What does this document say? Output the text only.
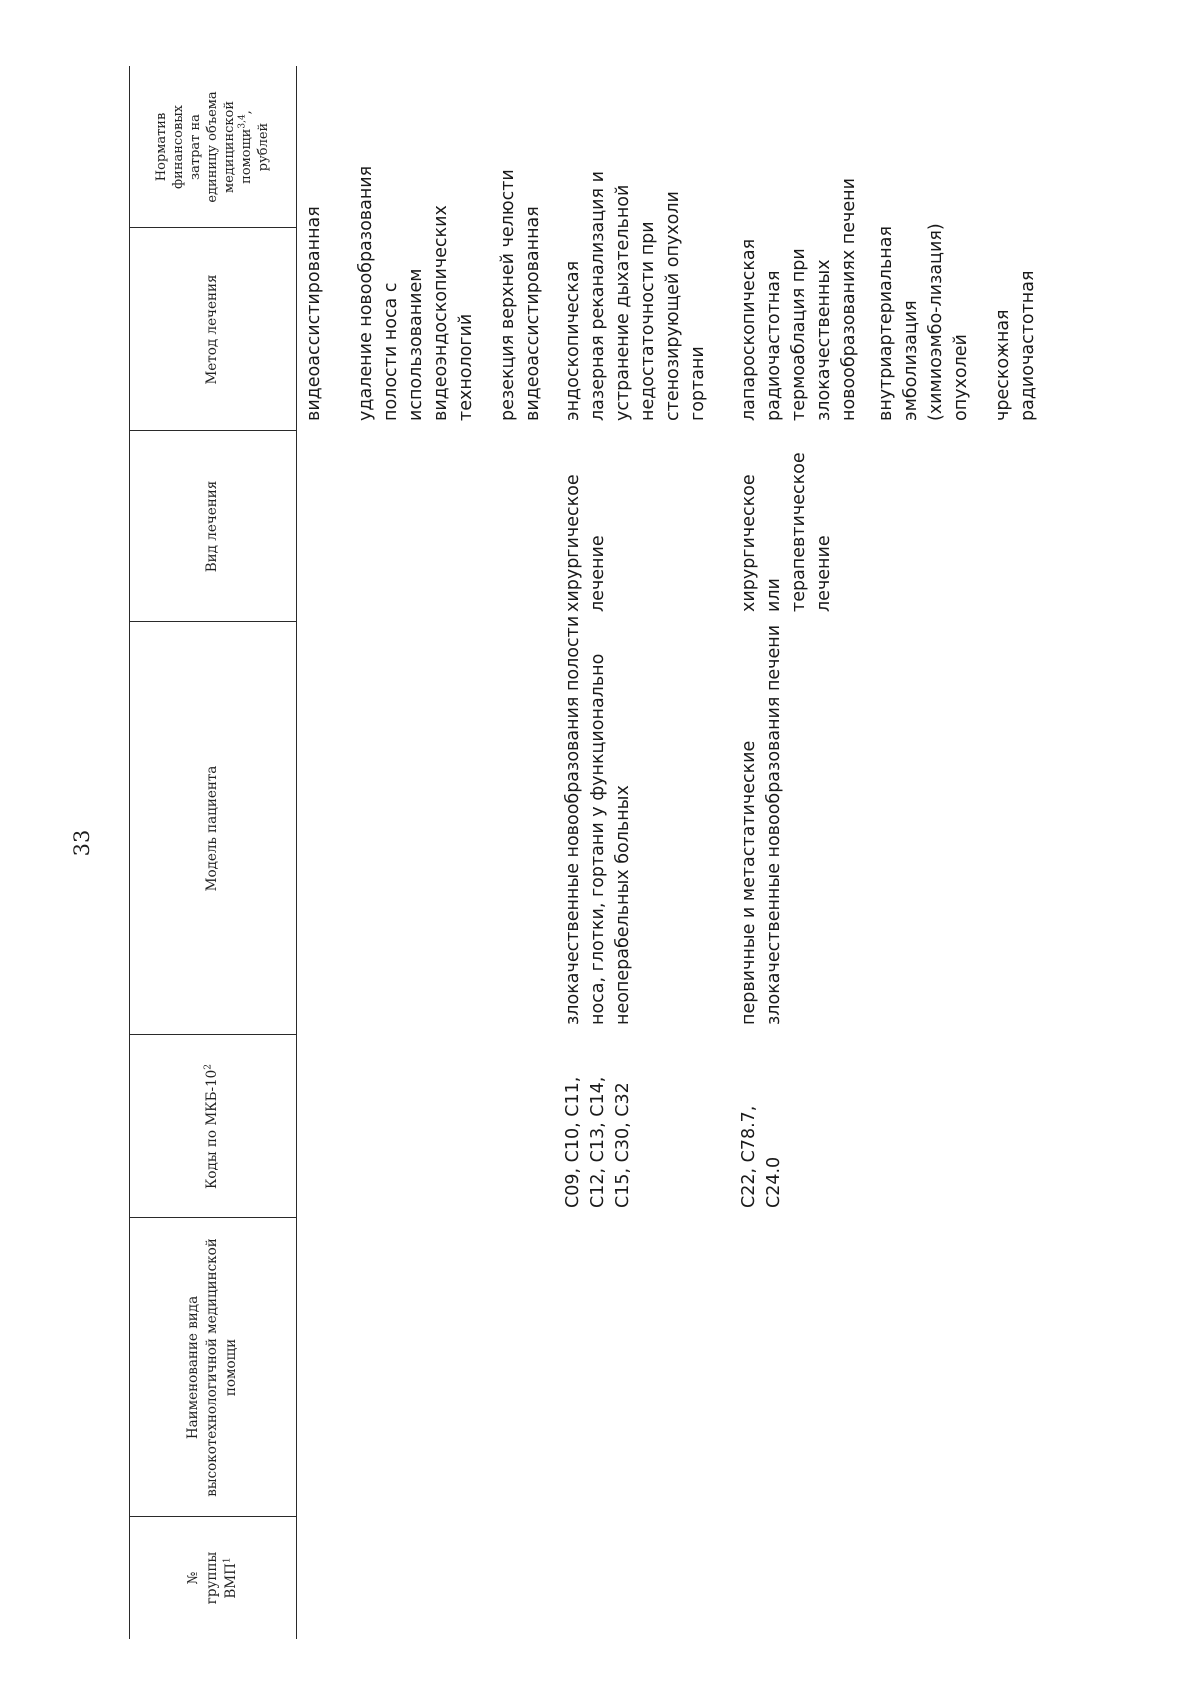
33
№ группы ВМП$^1$
Наименование вида высокотехнологичной медицинской помощи
Коды по МКБ-$10^2$
Модель пациента
Вид лечения
Метод лечения
Норматив финансовых затрат на единицу объема медицинской помощи$^{3,4}$,
рублей
видеоассистированная удаление новообразования полости носа с использованием видеоэндоскопических технологий резекция верхней челюсти видеоассистированная
С09, С10, С11, С12, С13, С14, С15, С30, С32
злокачественные новообразования полости носа, глотки, гортани у функционально неоперабельных больных
хирургическое лечение
эндоскопическая лазерная реканализация и устранение дыхательной недостаточности при стенозирующей опухоли гортани
С22, С78.7, С24.0
первичные и метастатические злокачественные новообразования печени
хирургическое или терапевтическое лечение
лапароскопическая радиочастотная термоаблация при злокачественных новообразованиях печени внутриартериальная эмболизация (химиоэмбо-лизация) опухолей чрескожная радиочастотная
